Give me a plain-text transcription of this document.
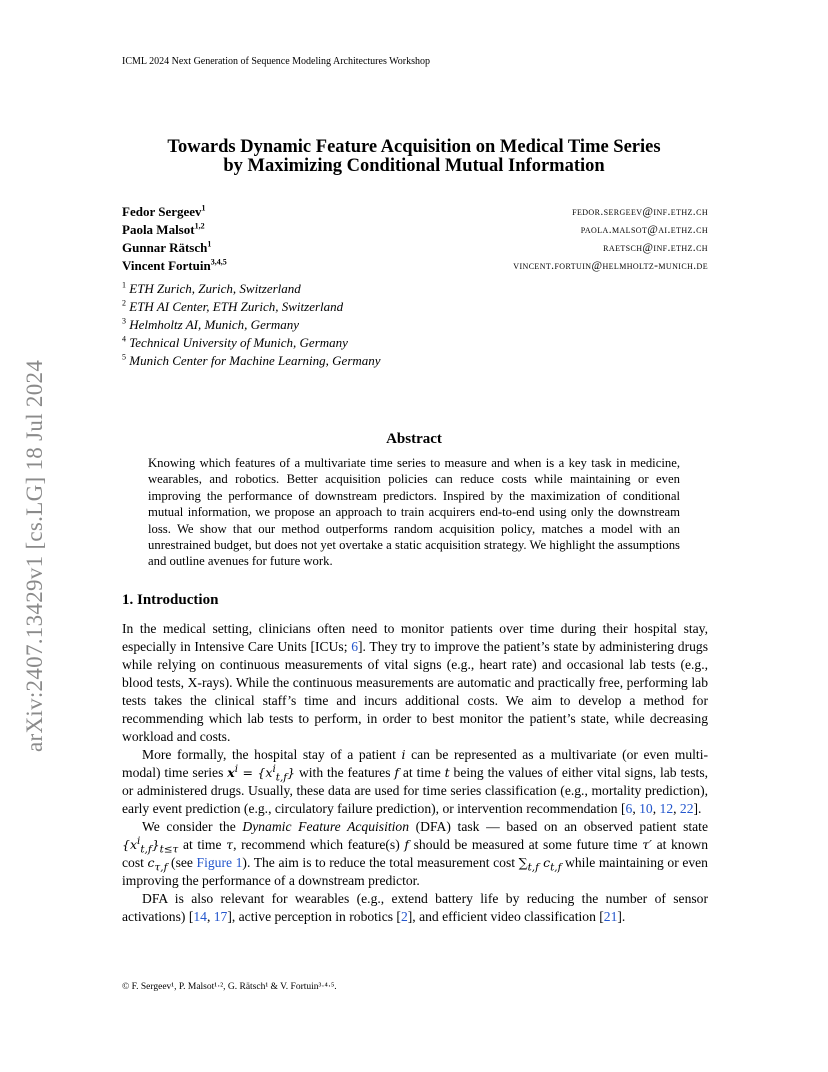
ICML 2024 Next Generation of Sequence Modeling Architectures Workshop
arXiv:2407.13429v1 [cs.LG] 18 Jul 2024
Towards Dynamic Feature Acquisition on Medical Time Series
by Maximizing Conditional Mutual Information
Fedor Sergeev$^1$	fedor.sergeev@inf.ethz.ch
Paola Malsot$^{1,2}$	paola.malsot@ai.ethz.ch
Gunnar Rätsch$^1$	raetsch@inf.ethz.ch
Vincent Fortuin$^{3,4,5}$	vincent.fortuin@helmholtz-munich.de
$^1$ ETH Zurich, Zurich, Switzerland
$^2$ ETH AI Center, ETH Zurich, Switzerland
$^3$ Helmholtz AI, Munich, Germany
$^4$ Technical University of Munich, Germany
$^5$ Munich Center for Machine Learning, Germany
Abstract
Knowing which features of a multivariate time series to measure and when is a key task in medicine, wearables, and robotics. Better acquisition policies can reduce costs while maintaining or even improving the performance of downstream predictors. Inspired by the maximization of conditional mutual information, we propose an approach to train acquirers end-to-end using only the downstream loss. We show that our method outperforms random acquisition policy, matches a model with an unrestrained budget, but does not yet overtake a static acquisition strategy. We highlight the assumptions and outline avenues for future work.
1. Introduction

In the medical setting, clinicians often need to monitor patients over time during their hospital stay, especially in Intensive Care Units [ICUs; 6]. They try to improve the patient’s state by administering drugs while relying on continuous measurements of vital signs (e.g., heart rate) and occasional lab tests (e.g., blood tests, X-rays). While the continuous measurements are automatic and practically free, performing lab tests takes the clinical staff’s time and incurs additional costs. We aim to develop a method for recommending which lab tests to perform, in order to best monitor the patient’s state, while decreasing workload and costs.

More formally, the hospital stay of a patient i can be represented as a multivariate (or even multi-modal) time series $x^i = \{x^i_{t,f}\}$ with the features f at time t being the values of either vital signs, lab tests, or administered drugs. Usually, these data are used for time series classification (e.g., mortality prediction), early event prediction (e.g., circulatory failure prediction), or intervention recommendation [6, 10, 12, 22].

We consider the Dynamic Feature Acquisition (DFA) task — based on an observed patient state $\{x^i_{t,f}\}_{t\le\tau}$ at time τ, recommend which feature(s) f should be measured at some future time τ′ at known cost $c_{\tau,f}$ (see Figure 1). The aim is to reduce the total measurement cost $\sum_{t,f}$ $c_{t,f}$ while maintaining or even improving the performance of a downstream predictor.

DFA is also relevant for wearables (e.g., extend battery life by reducing the number of sensor activations) [14, 17], active perception in robotics [2], and efficient video classification [21].

© F. Sergeev¹, P. Malsot¹·², G. Rätsch¹ & V. Fortuin³·⁴·⁵.
